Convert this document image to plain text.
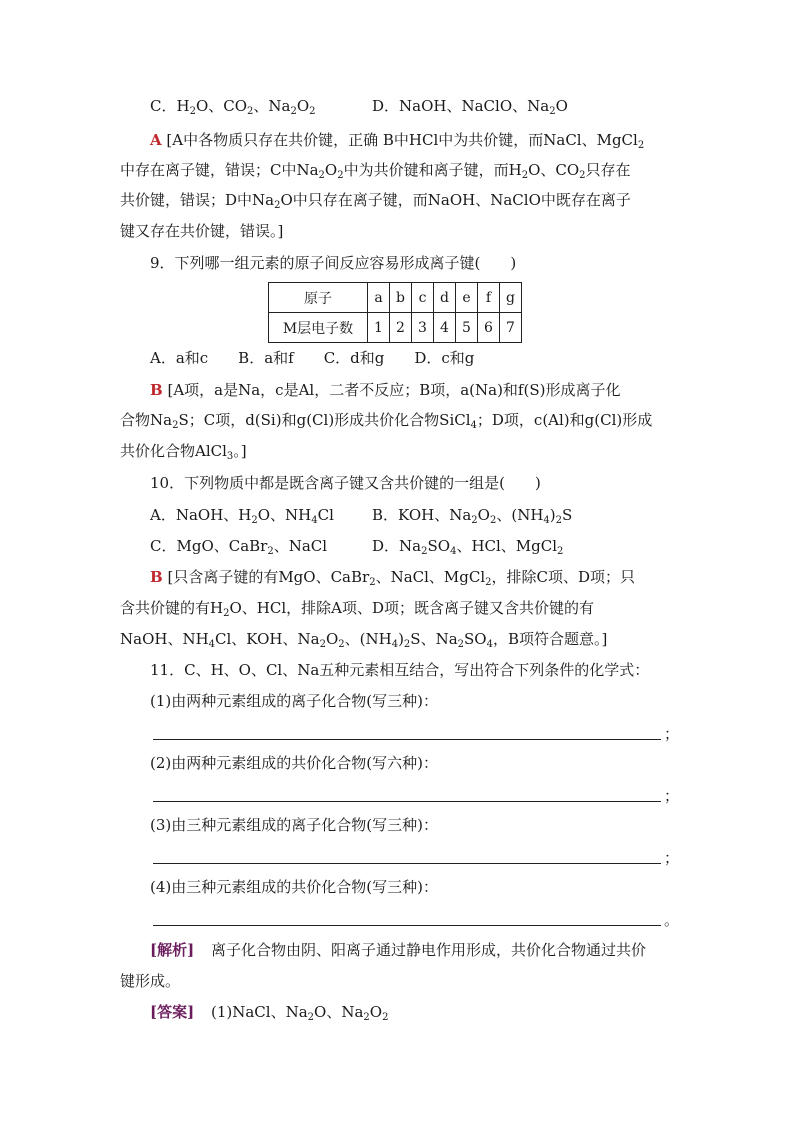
C．$H_2O$、$CO_2$、$Na_2O_2$	D．NaOH、NaClO、$Na_2O$
A [A中各物质只存在共价键，正确 B中HCl中为共价键，而NaCl、MgCl$_2$
中存在离子键，错误；C中$Na_2O_2$中为共价键和离子键，而$H_2O$、$CO_2$只存在
共价键，错误；D中$Na_2O$中只存在离子键，而NaOH、NaClO中既存在离子
键又存在共价键，错误。]
9．下列哪一组元素的原子间反应容易形成离子键(　　)
原子	a	b	c	d	e	f	g
M层电子数	1	2	3	4	5	6	7
A．a和c　　B．a和f　　C．d和g　　D．c和g
B [A项，a是Na，c是Al，二者不反应；B项，a(Na)和f(S)形成离子化
合物$Na_2S$；C项，d(Si)和g(Cl)形成共价化合物SiCl$_4$；D项，c(Al)和g(Cl)形成
共价化合物AlCl$_3$。]
10．下列物质中都是既含离子键又含共价键的一组是(　　)
A．NaOH、$H_2O$、$NH_4Cl$	B．KOH、$Na_2O_2$、$(NH_4)_2S$
C．MgO、CaBr$_2$、NaCl	D．$Na_2SO_4$、HCl、MgCl$_2$
B [只含离子键的有MgO、CaBr$_2$、NaCl、MgCl$_2$，排除C项、D项；只
含共价键的有$H_2O$、HCl，排除A项、D项；既含离子键又含共价键的有
NaOH、$NH_4Cl$、KOH、$Na_2O_2$、$(NH_4)_2S$、$Na_2SO_4$，B项符合题意。]
11．C、H、O、Cl、Na五种元素相互结合，写出符合下列条件的化学式：
(1)由两种元素组成的离子化合物(写三种)：
；
(2)由两种元素组成的共价化合物(写六种)：
；
(3)由三种元素组成的离子化合物(写三种)：
；
(4)由三种元素组成的共价化合物(写三种)：
。
[解析] 离子化合物由阴、阳离子通过静电作用形成，共价化合物通过共价
键形成。
[答案] (1)NaCl、$Na_2O$、$Na_2O_2$
